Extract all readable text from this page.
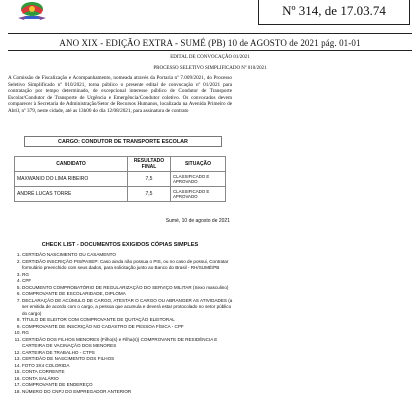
Nº 314, de 17.03.74
ANO XIX - EDIÇÃO EXTRA - SUMÉ (PB) 10 de AGOSTO de 2021 pág. 01-01
EDITAL DE CONVOCAÇÃO 01/2021
PROCESSO SELETIVO SIMPLIFICADO Nº 010/2021
A Comissão de Fiscalização e Acompanhamento, nomeada através da Portaria nº 7.009/2021, do Processo Seletivo Simplificado nº 010/2021, torna público o presente edital de convocação nº 01/2021 para contratação por tempo determinado, de excepcional interesse público de Condutor de Transporte Escolar/Condutor de Transporte de Urgência e Emergência/Condutor coletivo. Os convocados devem comparecer à Secretaria de Administração/Setor de Recursos Humanos, localizada na Avenida Primeiro de Abril, nº 379, neste cidade, até as 13h00 do dia 12/08/2021, para assinatura de contrato
CARGO: CONDUTOR DE TRANSPORTE ESCOLAR
CANDIDATO	RESULTADO FINAL	SITUAÇÃO
MAXWANIO DO LIMA RIBEIRO	7,5	CLASSIFICADO E APROVADO
ANDRÉ LUCAS TORRE	7,5	CLASSIFICADO E APROVADO
Sumé, 10 de agosto de 2021
CHECK LIST - DOCUMENTOS EXIGIDOS CÓPIAS SIMPLES
1. CERTIDÃO NASCIMENTO OU CASAMENTO
2. CERTIDÃO INSCRIÇÃO PIS/PASEP: Caso ainda não possua o PIS, ou no caso de possui, Contratar formulário preenchido com seus dados, para solicitação junto ao Banco do Brasil - RH/SUMÉ/PB
3. RG
4. CPF
5. DOCUMENTO COMPROBATÓRIO DE REGULARIZAÇÃO DO SERVIÇO MILITAR (Sexo masculino)
6. COMPROVANTE DE ESCOLARIDADE, DIPLOMA
7. DECLARAÇÃO DE ACÚMULO DE CARGO, ATESTAR O CARGO OU ABRANGER AS ATIVIDADES (a ser emitida de acordo com o cargo, a pessoa que acumula e deverá estar protocolado no setor público do cargo)
8. TÍTULO DE ELEITOR COM COMPROVANTE DE QUITAÇÃO ELEITORAL
9. COMPROVANTE DE INSCRIÇÃO NO CADASTRO DE PESSOA FÍSICA - CPF
10. RG
11. CERTIDÃO DOS FILHOS MENORES (Filho(s) e Filha(s)) COMPROVANTE DE RESIDÊNCIA E CARTEIRA DE VACINAÇÃO DOS MENORES
12. CARTEIRA DE TRABALHO - CTPS
13. CERTIDÃO DE NASCIMENTO DOS FILHOS
14. FOTO 3X4 COLORIDA
15. CONTA CORRENTE
16. CONTA SALÁRIO
17. COMPROVANTE DE ENDEREÇO
18. NÚMERO DO CNPJ DO EMPREGADOR ANTERIOR
